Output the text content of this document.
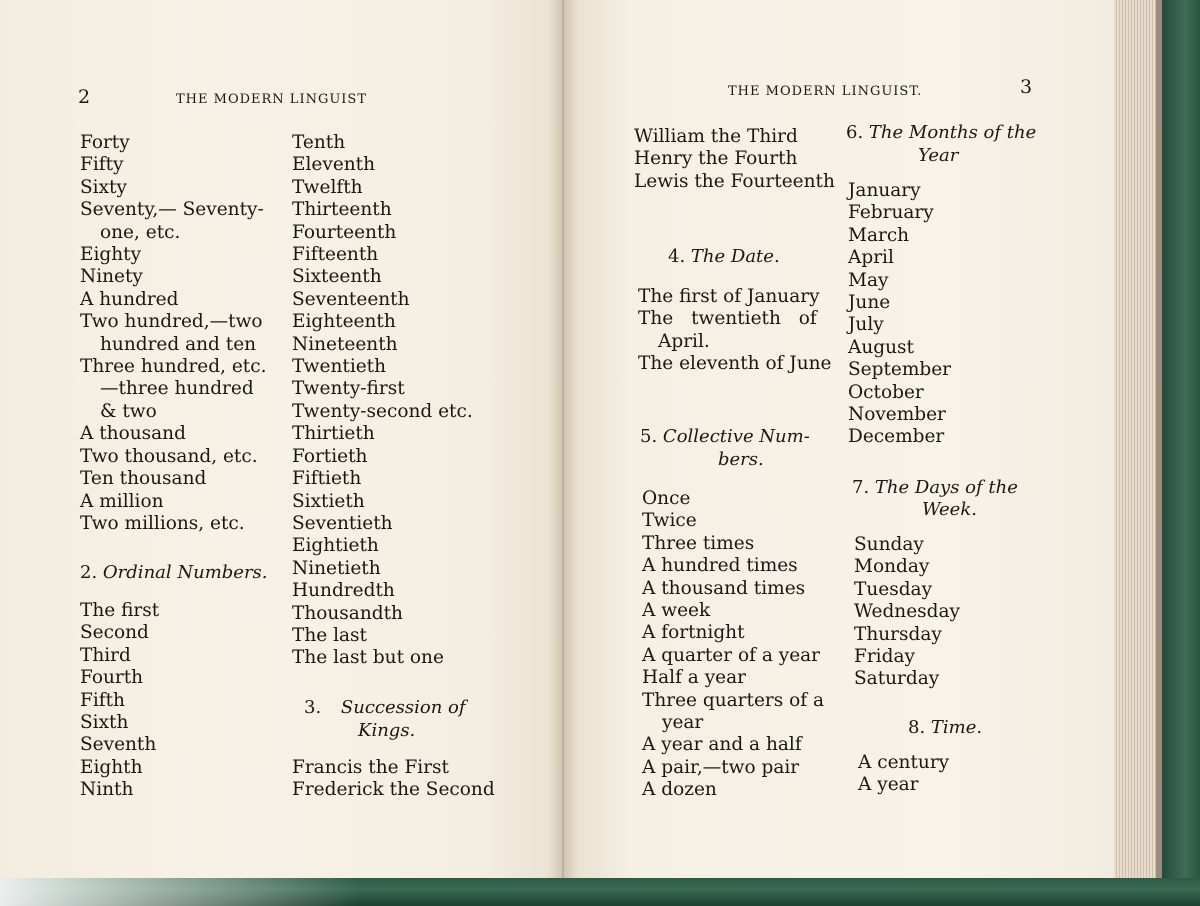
2	THE MODERN LINGUIST
Forty
Fifty
Sixty
Seventy,— Seventy-
one, etc.
Eighty
Ninety
A hundred
Two hundred,—two
hundred and ten
Three hundred, etc.
—three hundred
& two
A thousand
Two thousand, etc.
Ten thousand
A million
Two millions, etc.
2. Ordinal Numbers.
The first
Second
Third
Fourth
Fifth
Sixth
Seventh
Eighth
Ninth
Tenth
Eleventh
Twelfth
Thirteenth
Fourteenth
Fifteenth
Sixteenth
Seventeenth
Eighteenth
Nineteenth
Twentieth
Twenty-first
Twenty-second etc.
Thirtieth
Fortieth
Fiftieth
Sixtieth
Seventieth
Eightieth
Ninetieth
Hundredth
Thousandth
The last
The last but one
3. Succession of
Kings.
Francis the First
Frederick the Second
THE MODERN LINGUIST.	3
William the Third
Henry the Fourth
Lewis the Fourteenth
4. The Date.
The first of January
The twentieth of
April.
The eleventh of June
5. Collective Num-
bers.
Once
Twice
Three times
A hundred times
A thousand times
A week
A fortnight
A quarter of a year
Half a year
Three quarters of a
year
A year and a half
A pair,—two pair
A dozen
6. The Months of the
Year
January
February
March
April
May
June
July
August
September
October
November
December
7. The Days of the
Week.
Sunday
Monday
Tuesday
Wednesday
Thursday
Friday
Saturday
8. Time.
A century
A year
